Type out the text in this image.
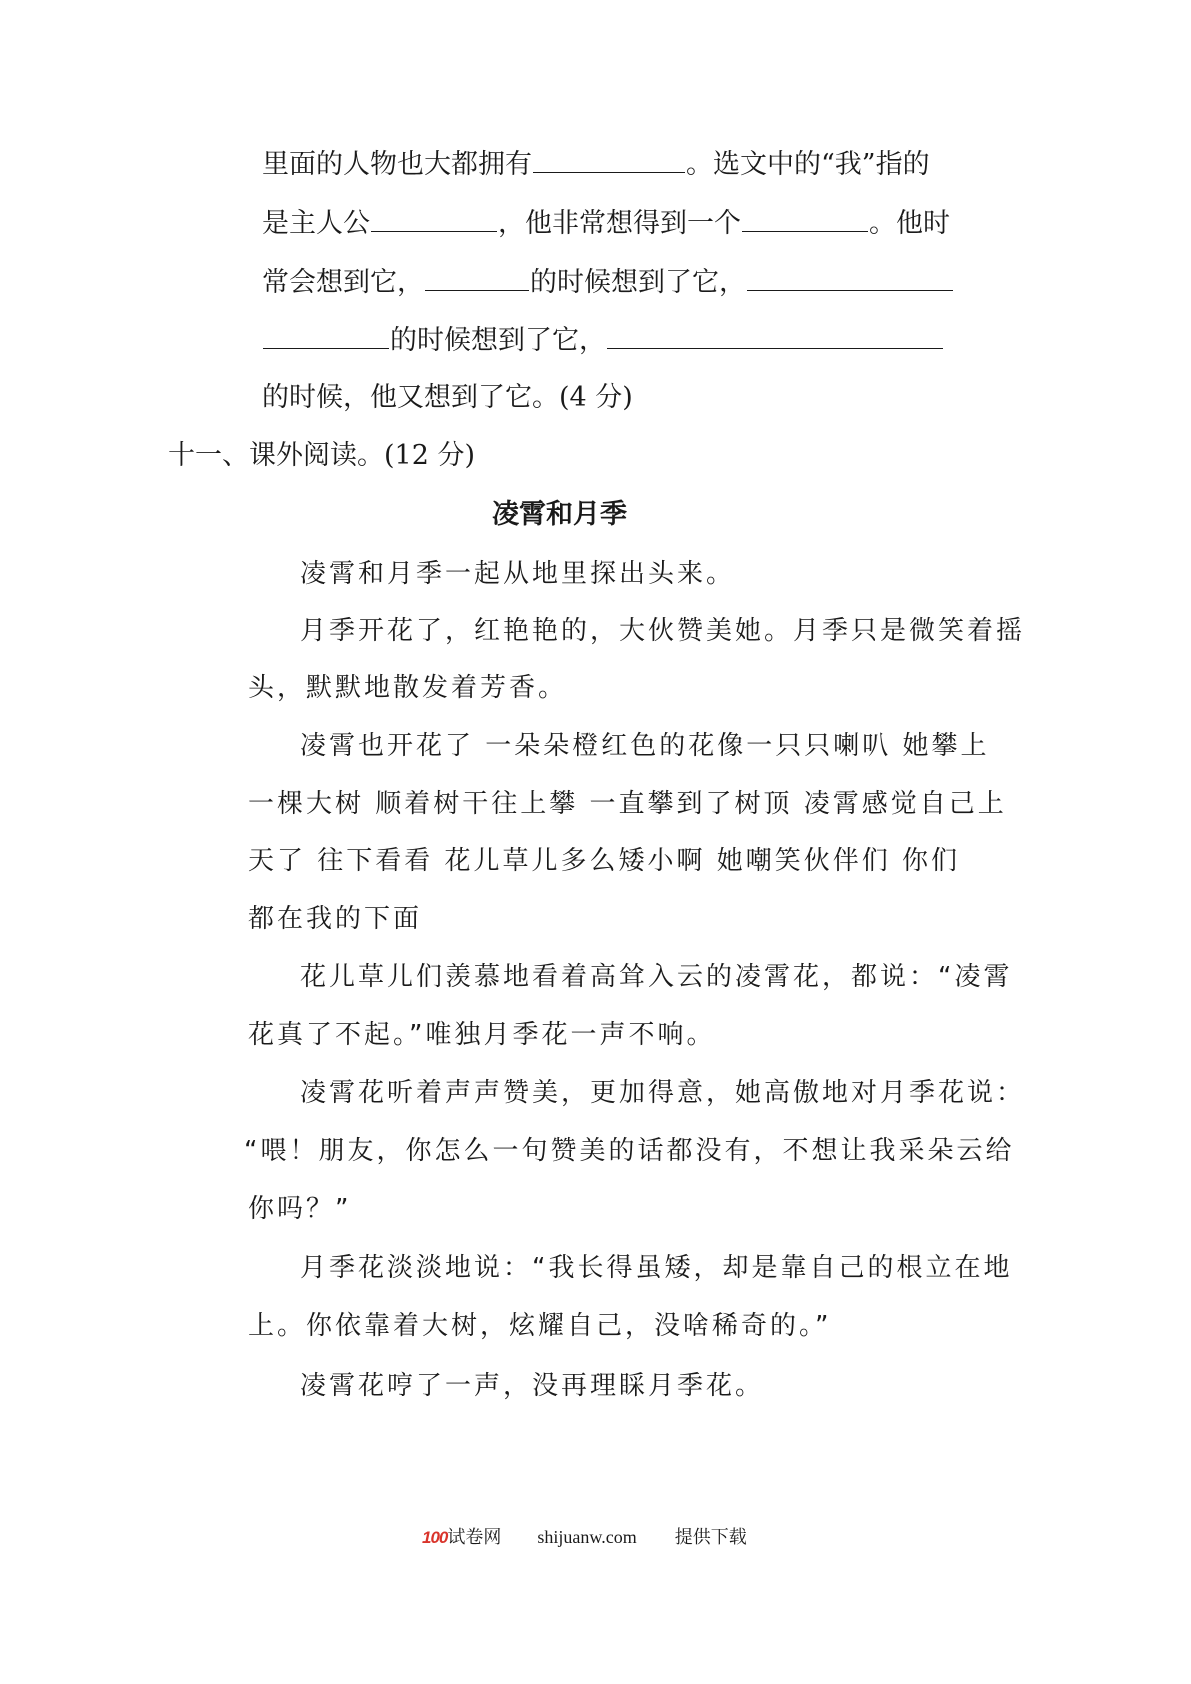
里面的人物也大都拥有	。选文中的“我”指的
是主人公	，他非常想得到一个	。他时
常会想到它，	的时候想到了它，
的时候想到了它，
的时候，他又想到了它。(4 分)
十一、课外阅读。(12 分)
凌霄和月季
凌霄和月季一起从地里探出头来。
月季开花了，红艳艳的，大伙赞美她。月季只是微笑着摇
头，默默地散发着芳香。
凌霄也开花了 一朵朵橙红色的花像一只只喇叭 她攀上
一棵大树 顺着树干往上攀 一直攀到了树顶 凌霄感觉自己上
天了 往下看看 花儿草儿多么矮小啊 她嘲笑伙伴们 你们
都在我的下面
花儿草儿们羡慕地看着高耸入云的凌霄花，都说：“凌霄
花真了不起。”唯独月季花一声不响。
凌霄花听着声声赞美，更加得意，她高傲地对月季花说：
“喂！朋友，你怎么一句赞美的话都没有，不想让我采朵云给
你吗？”
月季花淡淡地说：“我长得虽矮，却是靠自己的根立在地
上。你依靠着大树，炫耀自己，没啥稀奇的。”
凌霄花哼了一声，没再理睬月季花。
100试卷网 shijuanw.com 提供下载
